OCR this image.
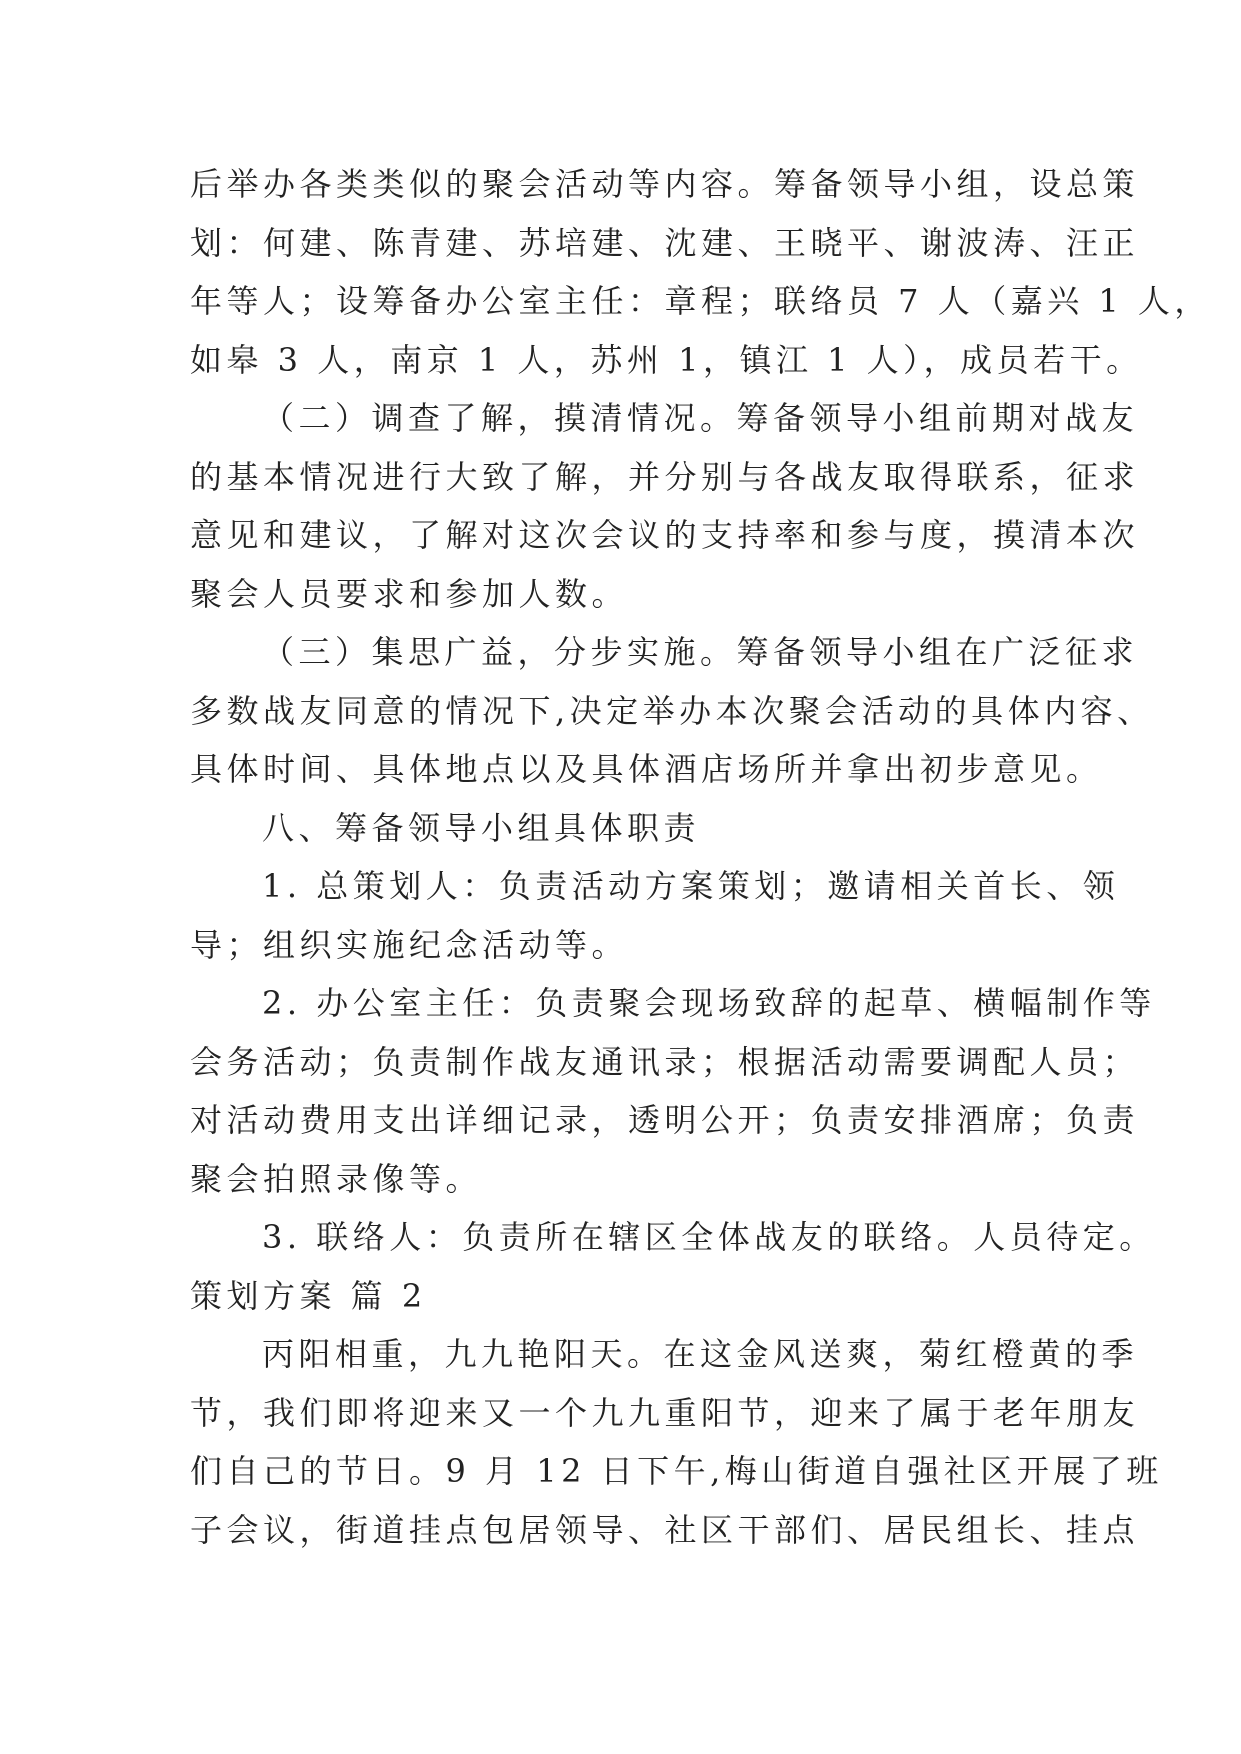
后举办各类类似的聚会活动等内容。筹备领导小组，设总策
划：何建、陈青建、苏培建、沈建、王晓平、谢波涛、汪正
年等人；设筹备办公室主任：章程；联络员 7 人（嘉兴 1 人，
如皋 3 人，南京 1 人，苏州 1，镇江 1 人），成员若干。
（二）调查了解，摸清情况。筹备领导小组前期对战友
的基本情况进行大致了解，并分别与各战友取得联系，征求
意见和建议，了解对这次会议的支持率和参与度，摸清本次
聚会人员要求和参加人数。
（三）集思广益，分步实施。筹备领导小组在广泛征求
多数战友同意的情况下,决定举办本次聚会活动的具体内容、
具体时间、具体地点以及具体酒店场所并拿出初步意见。
八、筹备领导小组具体职责
1. 总策划人：负责活动方案策划；邀请相关首长、领
导；组织实施纪念活动等。
2. 办公室主任：负责聚会现场致辞的起草、横幅制作等
会务活动；负责制作战友通讯录；根据活动需要调配人员；
对活动费用支出详细记录，透明公开；负责安排酒席；负责
聚会拍照录像等。
3. 联络人：负责所在辖区全体战友的联络。人员待定。
策划方案 篇 2
丙阳相重，九九艳阳天。在这金风送爽，菊红橙黄的季
节，我们即将迎来又一个九九重阳节，迎来了属于老年朋友
们自己的节日。9 月 12 日下午,梅山街道自强社区开展了班
子会议，街道挂点包居领导、社区干部们、居民组长、挂点
